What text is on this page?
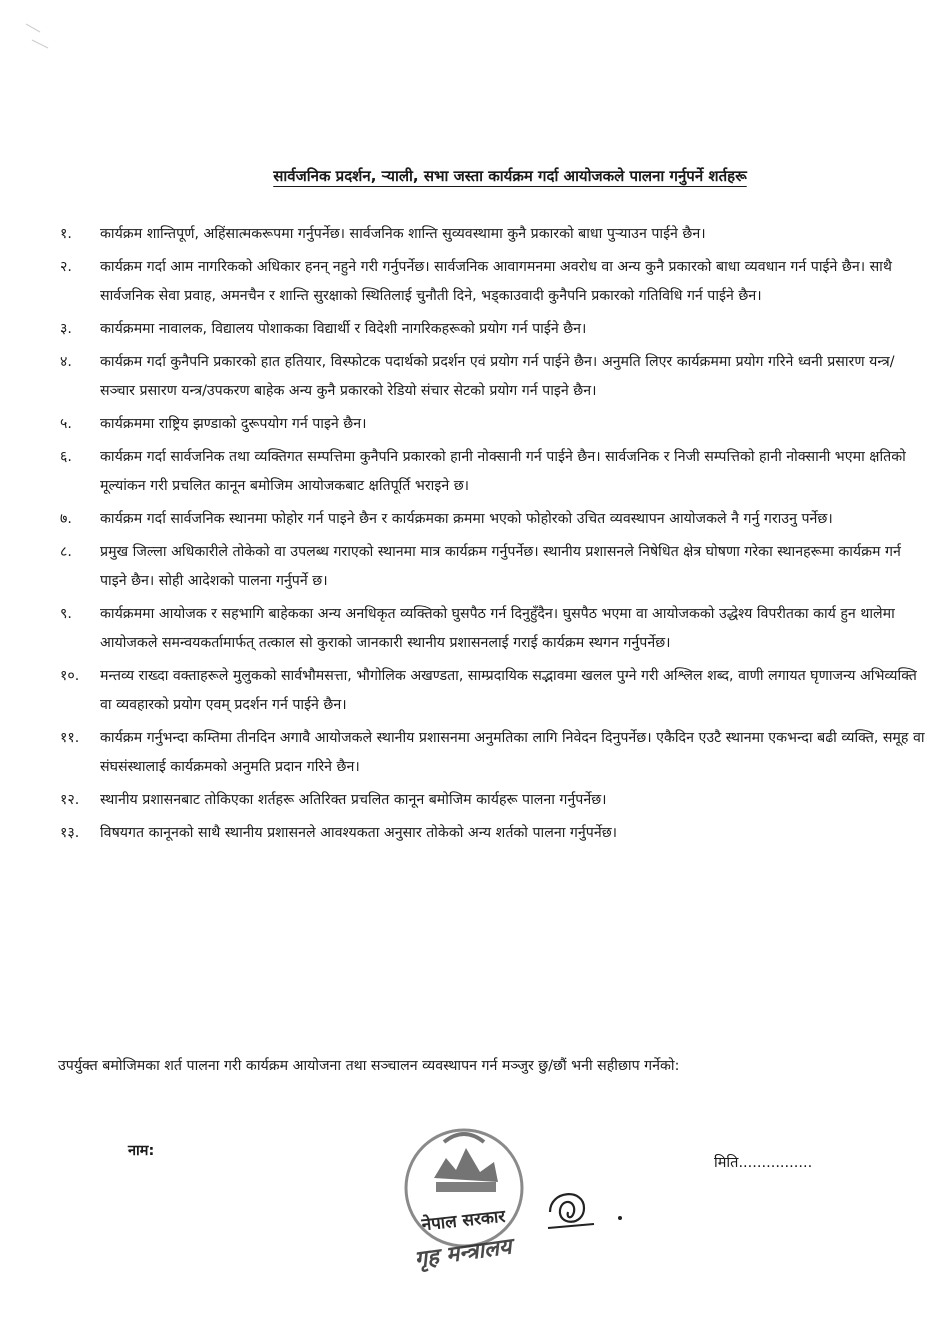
सार्वजनिक प्रदर्शन, ऱ्याली, सभा जस्ता कार्यक्रम गर्दा आयोजकले पालना गर्नुपर्ने शर्तहरू
१. कार्यक्रम शान्तिपूर्ण, अहिंसात्मकरूपमा गर्नुपर्नेछ। सार्वजनिक शान्ति सुव्यवस्थामा कुनै प्रकारको बाधा पुऱ्याउन पाईने छैन।
२. कार्यक्रम गर्दा आम नागरिकको अधिकार हनन् नहुने गरी गर्नुपर्नेछ। सार्वजनिक आवागमनमा अवरोध वा अन्य कुनै प्रकारको बाधा व्यवधान गर्न पाईने छैन। साथै सार्वजनिक सेवा प्रवाह, अमनचैन र शान्ति सुरक्षाको स्थितिलाई चुनौती दिने, भड्काउवादी कुनैपनि प्रकारको गतिविधि गर्न पाईने छैन।
३. कार्यक्रममा नावालक, विद्यालय पोशाकका विद्यार्थी र विदेशी नागरिकहरूको प्रयोग गर्न पाईने छैन।
४. कार्यक्रम गर्दा कुनैपनि प्रकारको हात हतियार, विस्फोटक पदार्थको प्रदर्शन एवं प्रयोग गर्न पाईने छैन। अनुमति लिएर कार्यक्रममा प्रयोग गरिने ध्वनी प्रसारण यन्त्र/सञ्चार प्रसारण यन्त्र/उपकरण बाहेक अन्य कुनै प्रकारको रेडियो संचार सेटको प्रयोग गर्न पाइने छैन।
५. कार्यक्रममा राष्ट्रिय झण्डाको दुरूपयोग गर्न पाइने छैन।
६. कार्यक्रम गर्दा सार्वजनिक तथा व्यक्तिगत सम्पत्तिमा कुनैपनि प्रकारको हानी नोक्सानी गर्न पाईने छैन। सार्वजनिक र निजी सम्पत्तिको हानी नोक्सानी भएमा क्षतिको मूल्यांकन गरी प्रचलित कानून बमोजिम आयोजकबाट क्षतिपूर्ति भराइने छ।
७. कार्यक्रम गर्दा सार्वजनिक स्थानमा फोहोर गर्न पाइने छैन र कार्यक्रमका क्रममा भएको फोहोरको उचित व्यवस्थापन आयोजकले नै गर्नु गराउनु पर्नेछ।
८. प्रमुख जिल्ला अधिकारीले तोकेको वा उपलब्ध गराएको स्थानमा मात्र कार्यक्रम गर्नुपर्नेछ। स्थानीय प्रशासनले निषेधित क्षेत्र घोषणा गरेका स्थानहरूमा कार्यक्रम गर्न पाइने छैन। सोही आदेशको पालना गर्नुपर्ने छ।
९. कार्यक्रममा आयोजक र सहभागि बाहेकका अन्य अनधिकृत व्यक्तिको घुसपैठ गर्न दिनुहुँदैन। घुसपैठ भएमा वा आयोजकको उद्धेश्य विपरीतका कार्य हुन थालेमा आयोजकले समन्वयकर्तामार्फत् तत्काल सो कुराको जानकारी स्थानीय प्रशासनलाई गराई कार्यक्रम स्थगन गर्नुपर्नेछ।
१०. मन्तव्य राख्दा वक्ताहरूले मुलुकको सार्वभौमसत्ता, भौगोलिक अखण्डता, साम्प्रदायिक सद्भावमा खलल पुग्ने गरी अश्लिल शब्द, वाणी लगायत घृणाजन्य अभिव्यक्ति वा व्यवहारको प्रयोग एवम् प्रदर्शन गर्न पाईने छैन।
११. कार्यक्रम गर्नुभन्दा कम्तिमा तीनदिन अगावै आयोजकले स्थानीय प्रशासनमा अनुमतिका लागि निवेदन दिनुपर्नेछ। एकैदिन एउटै स्थानमा एकभन्दा बढी व्यक्ति, समूह वा संघसंस्थालाई कार्यक्रमको अनुमति प्रदान गरिने छैन।
१२. स्थानीय प्रशासनबाट तोकिएका शर्तहरू अतिरिक्त प्रचलित कानून बमोजिम कार्यहरू पालना गर्नुपर्नेछ।
१३. विषयगत कानूनको साथै स्थानीय प्रशासनले आवश्यकता अनुसार तोकेको अन्य शर्तको पालना गर्नुपर्नेछ।
उपर्युक्त बमोजिमका शर्त पालना गरी कार्यक्रम आयोजना तथा सञ्चालन व्यवस्थापन गर्न मञ्जुर छु/छौं भनी सहीछाप गर्नेको:
नाम:
मिति................
नेपाल सरकार
गृह मन्त्रालय
